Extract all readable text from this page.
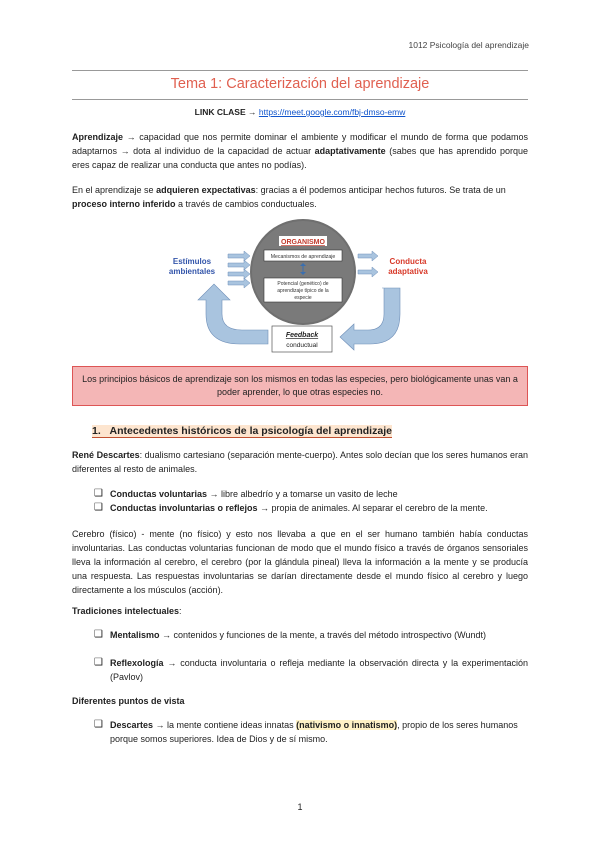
1012 Psicología del aprendizaje
Tema 1: Caracterización del aprendizaje
LINK CLASE → https://meet.google.com/fbj-dmso-emw
Aprendizaje → capacidad que nos permite dominar el ambiente y modificar el mundo de forma que podamos adaptarnos → dota al individuo de la capacidad de actuar adaptativamente (sabes que has aprendido porque eres capaz de realizar una conducta que antes no podías).
En el aprendizaje se adquieren expectativas: gracias a él podemos anticipar hechos futuros. Se trata de un proceso interno inferido a través de cambios conductuales.
ORGANISMO
Mecanismos de aprendizaje
Potencial (genético) de
aprendizaje típico de la
especie
Estímulos
ambientales
Conducta
adaptativa
Feedback
conductual
Los principios básicos de aprendizaje son los mismos en todas las especies, pero biológicamente unas van a poder aprender, lo que otras especies no.
1. Antecedentes históricos de la psicología del aprendizaje
René Descartes: dualismo cartesiano (separación mente-cuerpo). Antes solo decían que los seres humanos eran diferentes al resto de animales.
❑ Conductas voluntarias → libre albedrío y a tomarse un vasito de leche
❑ Conductas involuntarias o reflejos → propia de animales. Al separar el cerebro de la mente.
Cerebro (físico) - mente (no físico) y esto nos llevaba a que en el ser humano también había conductas involuntarias. Las conductas voluntarias funcionan de modo que el mundo físico a través de órganos sensoriales lleva la información al cerebro, el cerebro (por la glándula pineal) lleva la información a la mente y se producía una respuesta. Las respuestas involuntarias se darían directamente desde el mundo físico al cerebro y luego directamente a los músculos (acción).
Tradiciones intelectuales:
❑ Mentalismo → contenidos y funciones de la mente, a través del método introspectivo (Wundt)
❑ Reflexología → conducta involuntaria o refleja mediante la observación directa y la experimentación (Pavlov)
Diferentes puntos de vista
❑ Descartes → la mente contiene ideas innatas (nativismo o innatismo), propio de los seres humanos porque somos superiores. Idea de Dios y de sí mismo.
1
